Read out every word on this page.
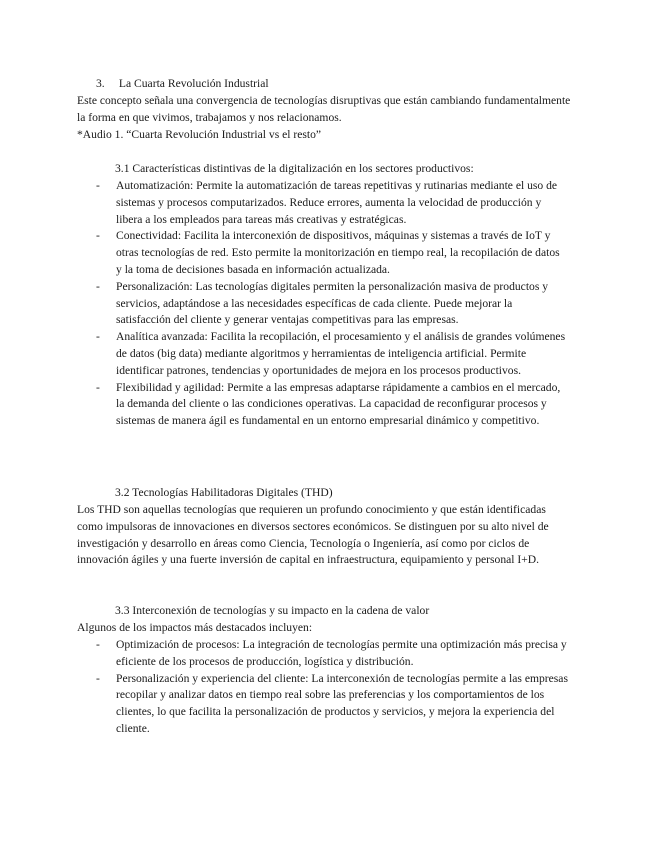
3. La Cuarta Revolución Industrial

Este concepto señala una convergencia de tecnologías disruptivas que están cambiando fundamentalmente la forma en que vivimos, trabajamos y nos relacionamos.

*Audio 1. “Cuarta Revolución Industrial vs el resto”

3.1 Características distintivas de la digitalización en los sectores productivos:
- Automatización: Permite la automatización de tareas repetitivas y rutinarias mediante el uso de sistemas y procesos computarizados. Reduce errores, aumenta la velocidad de producción y libera a los empleados para tareas más creativas y estratégicas.
- Conectividad: Facilita la interconexión de dispositivos, máquinas y sistemas a través de IoT y otras tecnologías de red. Esto permite la monitorización en tiempo real, la recopilación de datos y la toma de decisiones basada en información actualizada.
- Personalización: Las tecnologías digitales permiten la personalización masiva de productos y servicios, adaptándose a las necesidades específicas de cada cliente. Puede mejorar la satisfacción del cliente y generar ventajas competitivas para las empresas.
- Analítica avanzada: Facilita la recopilación, el procesamiento y el análisis de grandes volúmenes de datos (big data) mediante algoritmos y herramientas de inteligencia artificial. Permite identificar patrones, tendencias y oportunidades de mejora en los procesos productivos.
- Flexibilidad y agilidad: Permite a las empresas adaptarse rápidamente a cambios en el mercado, la demanda del cliente o las condiciones operativas. La capacidad de reconfigurar procesos y sistemas de manera ágil es fundamental en un entorno empresarial dinámico y competitivo.
3.2 Tecnologías Habilitadoras Digitales (THD)

Los THD son aquellas tecnologías que requieren un profundo conocimiento y que están identificadas como impulsoras de innovaciones en diversos sectores económicos. Se distinguen por su alto nivel de investigación y desarrollo en áreas como Ciencia, Tecnología o Ingeniería, así como por ciclos de innovación ágiles y una fuerte inversión de capital en infraestructura, equipamiento y personal I+D.

3.3 Interconexión de tecnologías y su impacto en la cadena de valor
Algunos de los impactos más destacados incluyen:
- Optimización de procesos: La integración de tecnologías permite una optimización más precisa y eficiente de los procesos de producción, logística y distribución.
- Personalización y experiencia del cliente: La interconexión de tecnologías permite a las empresas recopilar y analizar datos en tiempo real sobre las preferencias y los comportamientos de los clientes, lo que facilita la personalización de productos y servicios, y mejora la experiencia del cliente.
